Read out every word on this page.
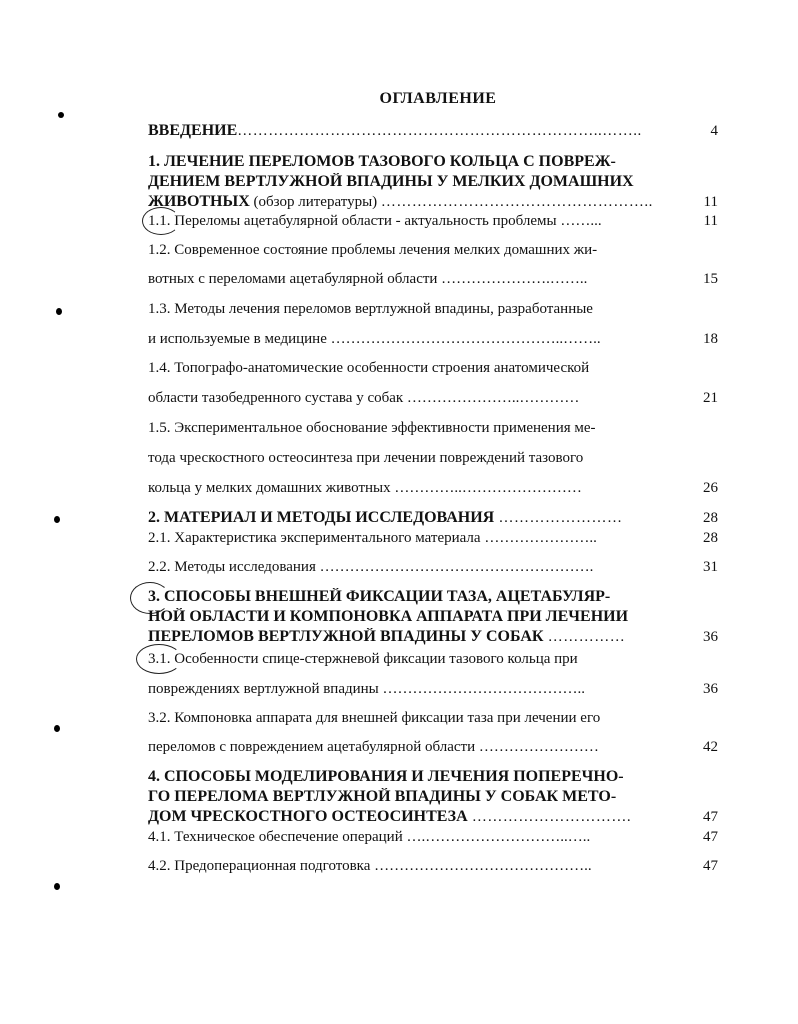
ОГЛАВЛЕНИЕ
ВВЕДЕНИЕ……………………………………………………………..……..	4
1. ЛЕЧЕНИЕ ПЕРЕЛОМОВ ТАЗОВОГО КОЛЬЦА С ПОВРЕЖ-
ДЕНИЕМ ВЕРТЛУЖНОЙ ВПАДИНЫ У МЕЛКИХ ДОМАШНИХ
ЖИВОТНЫХ (обзор литературы) ……………………………………………..	11
1.1. Переломы ацетабулярной области - актуальность проблемы ……...	11
1.2. Современное состояние проблемы лечения мелких домашних жи-
вотных с переломами ацетабулярной области ………………….……..	15
1.3. Методы лечения переломов вертлужной впадины, разработанные
и используемые в медицине ………………………………………..……..	18
1.4. Топографо-анатомические особенности строения анатомической
области тазобедренного сустава у собак …………………..…………	21
1.5. Экспериментальное обоснование эффективности применения ме-
тода чрескостного остеосинтеза при лечении повреждений тазового
кольца у мелких домашних животных …………..……………………	26
2. МАТЕРИАЛ И МЕТОДЫ ИССЛЕДОВАНИЯ ……………………	28
2.1. Характеристика экспериментального материала …………………..	28
2.2. Методы исследования ……………………………………………….	31
3. СПОСОБЫ ВНЕШНЕЙ ФИКСАЦИИ ТАЗА, АЦЕТАБУЛЯР-
НОЙ ОБЛАСТИ И КОМПОНОВКА АППАРАТА ПРИ ЛЕЧЕНИИ
ПЕРЕЛОМОВ ВЕРТЛУЖНОЙ ВПАДИНЫ У СОБАК ……………	36
3.1. Особенности спице-стержневой фиксации тазового кольца при
повреждениях вертлужной впадины …………………………………..	36
3.2. Компоновка аппарата для внешней фиксации таза при лечении его
переломов с повреждением ацетабулярной области ……………………	42
4. СПОСОБЫ МОДЕЛИРОВАНИЯ И ЛЕЧЕНИЯ ПОПЕРЕЧНО-
ГО ПЕРЕЛОМА ВЕРТЛУЖНОЙ ВПАДИНЫ У СОБАК МЕТО-
ДОМ ЧРЕСКОСТНОГО ОСТЕОСИНТЕЗА ………………………….	47
4.1. Техническое обеспечение операций ….………………………..…..	47
4.2. Предоперационная подготовка ……………………………………..	47
